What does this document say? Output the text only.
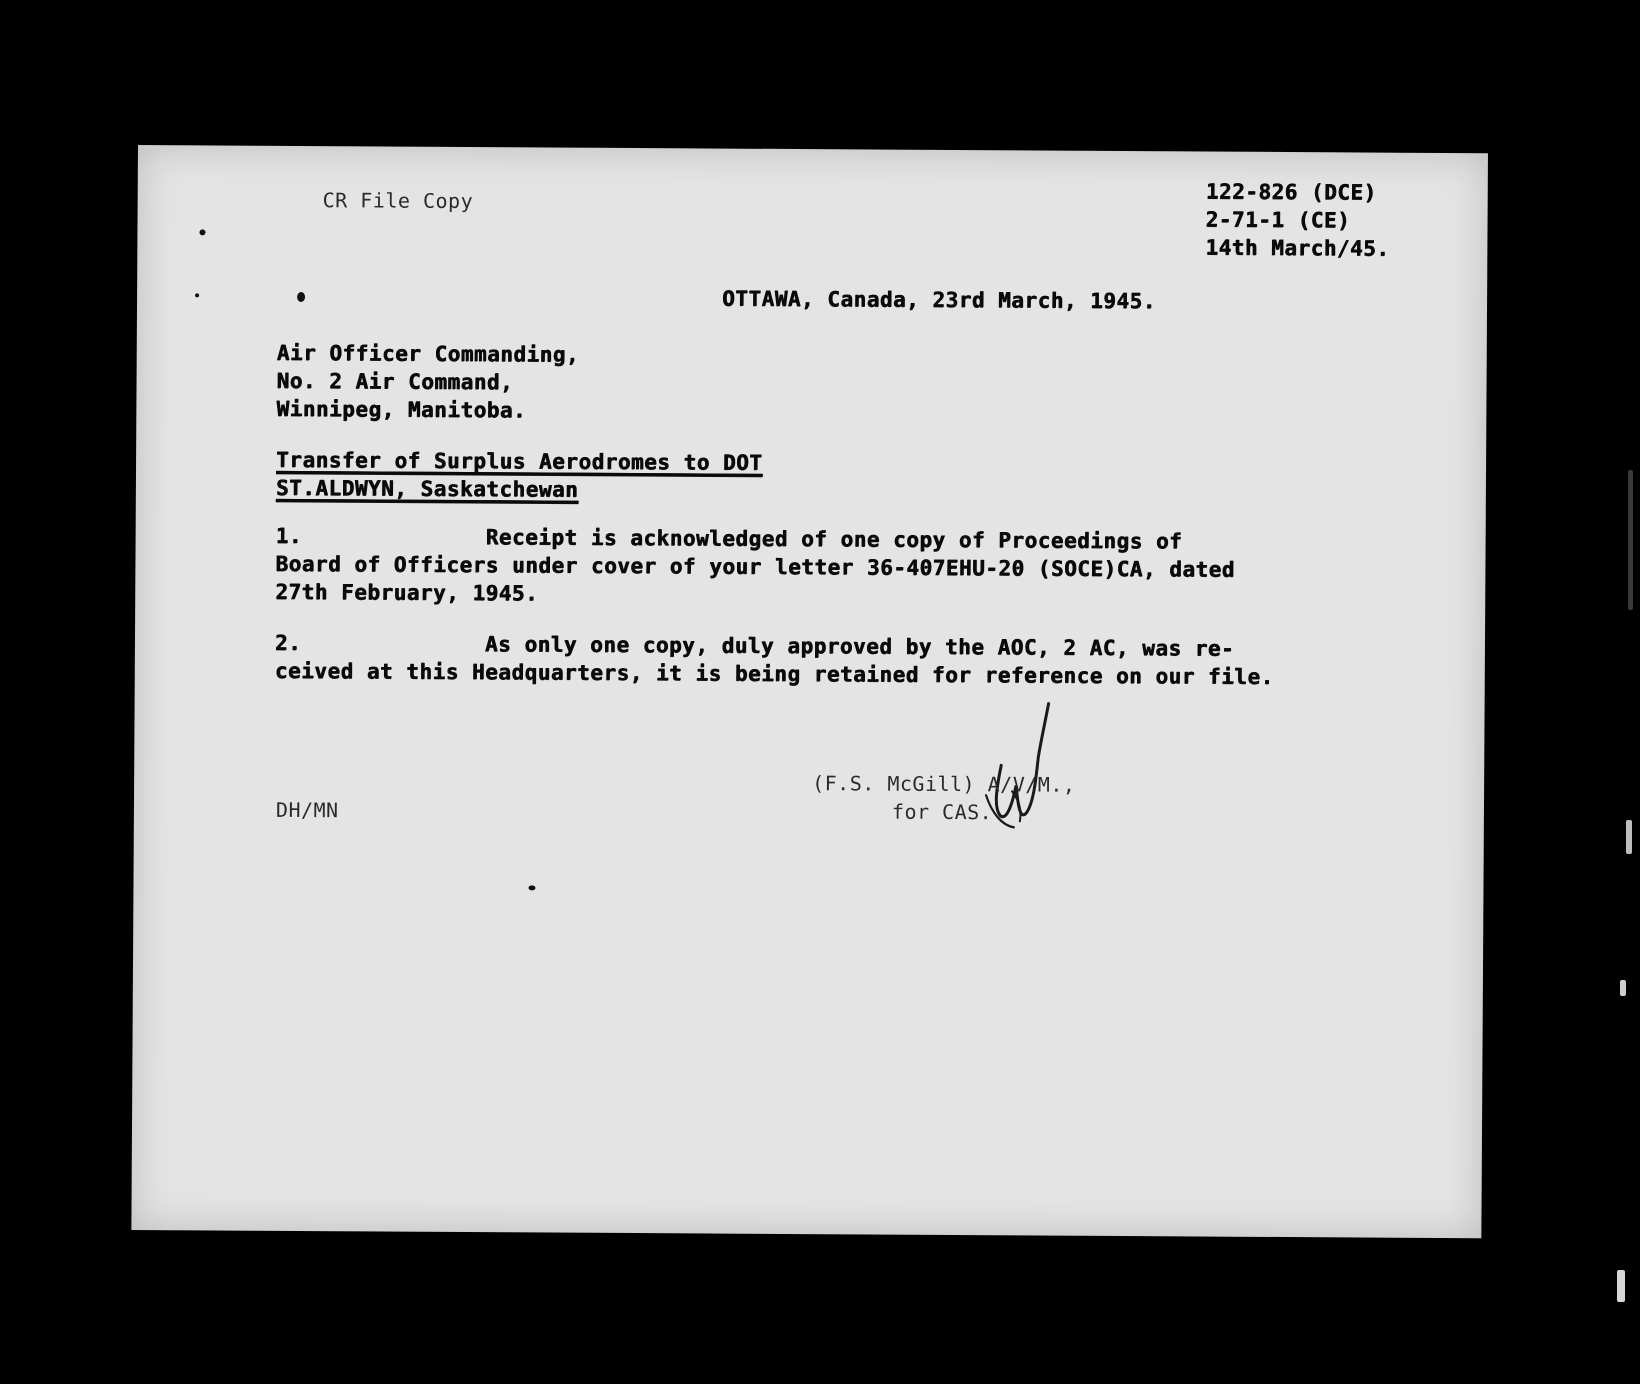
CR File Copy	122-826 (DCE)
2-71-1 (CE)
14th March/45.
OTTAWA, Canada, 23rd March, 1945.
Air Officer Commanding,
No. 2 Air Command,
Winnipeg, Manitoba.
Transfer of Surplus Aerodromes to DOT
ST.ALDWYN, Saskatchewan
1.	Receipt is acknowledged of one copy of Proceedings of
Board of Officers under cover of your letter 36-407EHU-20 (SOCE)CA, dated
27th February, 1945.
2.	As only one copy, duly approved by the AOC, 2 AC, was re-
ceived at this Headquarters, it is being retained for reference on our file.
(F.S. McGill) A/V/M.,
for CAS.
DH/MN
